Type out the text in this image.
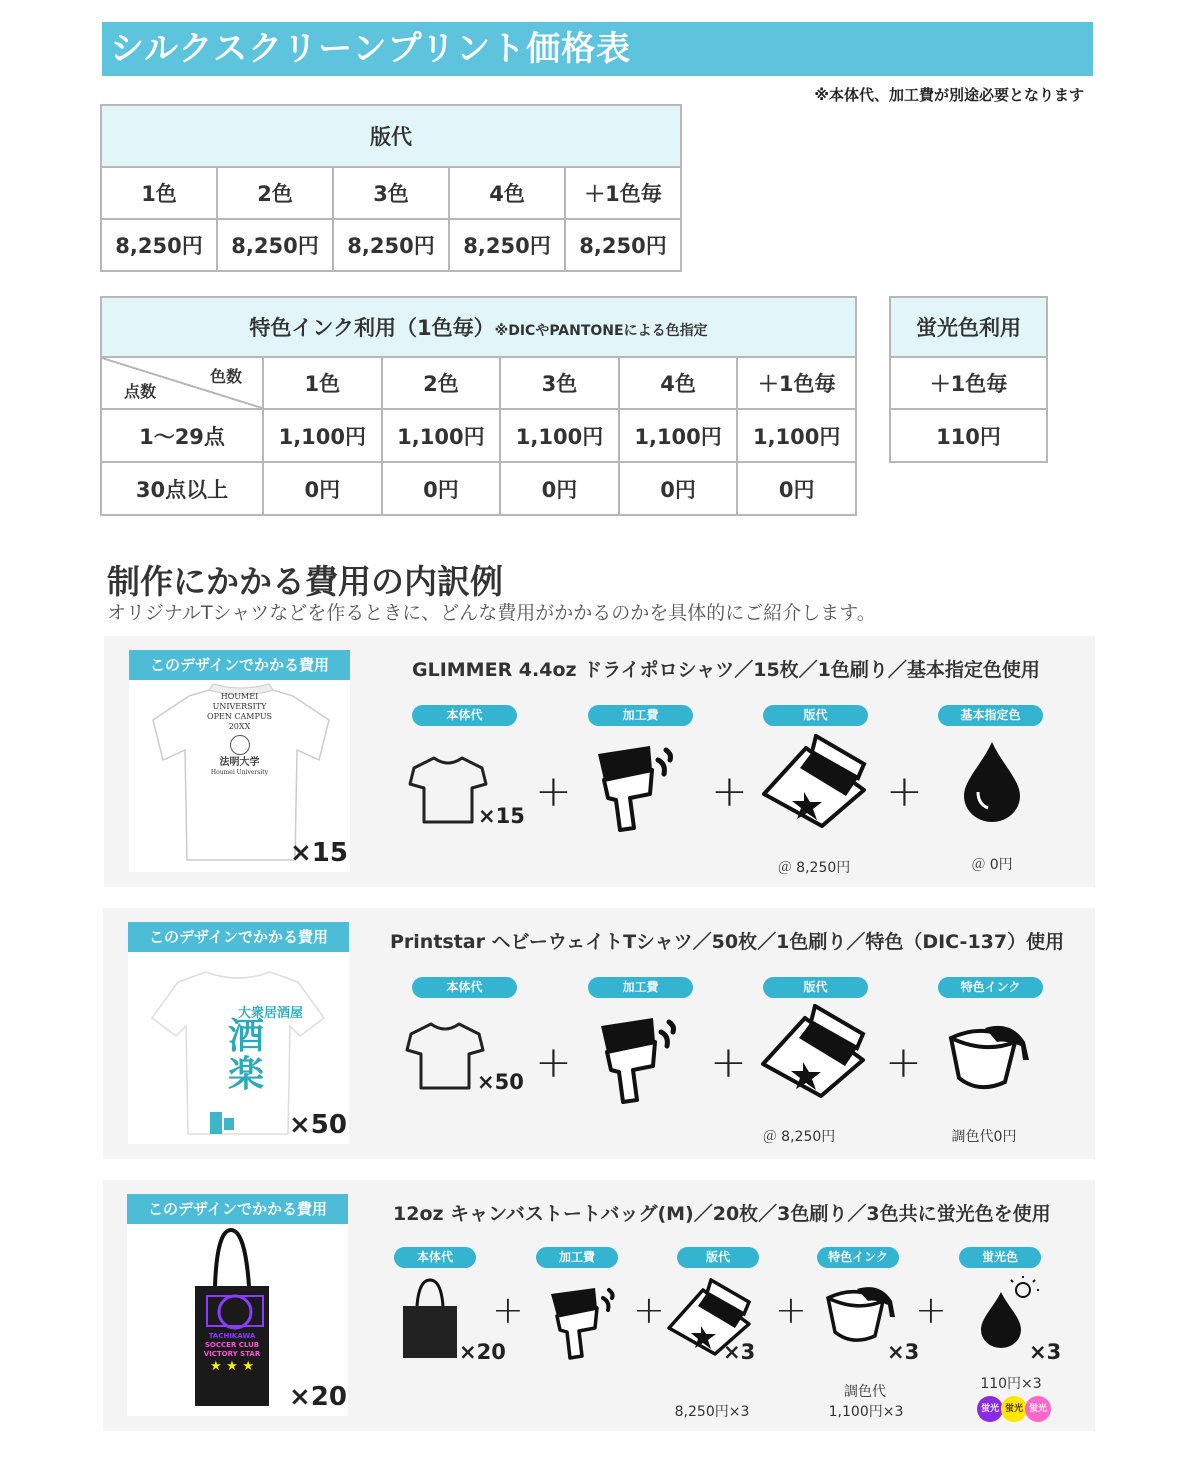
シルクスクリーンプリント価格表
※本体代、加工費が別途必要となります
版代				
1色	2色	3色	4色	＋1色毎
8,250円	8,250円	8,250円	8,250円	8,250円
特色インク利用（1色毎）※DICやPANTONEによる色指定					

色数
点数	1色	2色	3色	4色	＋1色毎
1〜29点	1,100円	1,100円	1,100円	1,100円	1,100円
30点以上	0円	0円	0円	0円	0円
蛍光色利用
＋1色毎
110円
制作にかかる費用の内訳例
オリジナルTシャツなどを作るときに、どんな費用がかかるのかを具体的にご紹介します。
このデザインでかかる費用
HOUMEI
UNIVERSITY
OPEN CAMPUS
20XX
法明大学
Houmei University
×15
GLIMMER 4.4oz ドライポロシャツ／15枚／1色刷り／基本指定色使用
本体代	加工費	版代	基本指定色
×15 +	+	+
＠ 8,250円	＠ 0円
このデザインでかかる費用
大衆居酒屋
酒
楽
×50
Printstar ヘビーウェイトTシャツ／50枚／1色刷り／特色（DIC-137）使用
本体代	加工費	版代	特色インク
×50 +	+	+
＠ 8,250円	調色代0円
このデザインでかかる費用
TACHIKAWA
SOCCER CLUB
VICTORY STAR
★ ★ ★
×20
12oz キャンバストートバッグ(M)／20枚／3色刷り／3色共に蛍光色を使用
本体代	加工費	版代	特色インク	蛍光色
×20
+	+
×3
+
×3
+
×3
8,250円×3
調色代
1,100円×3
110円×3
蛍光 蛍光 蛍光
